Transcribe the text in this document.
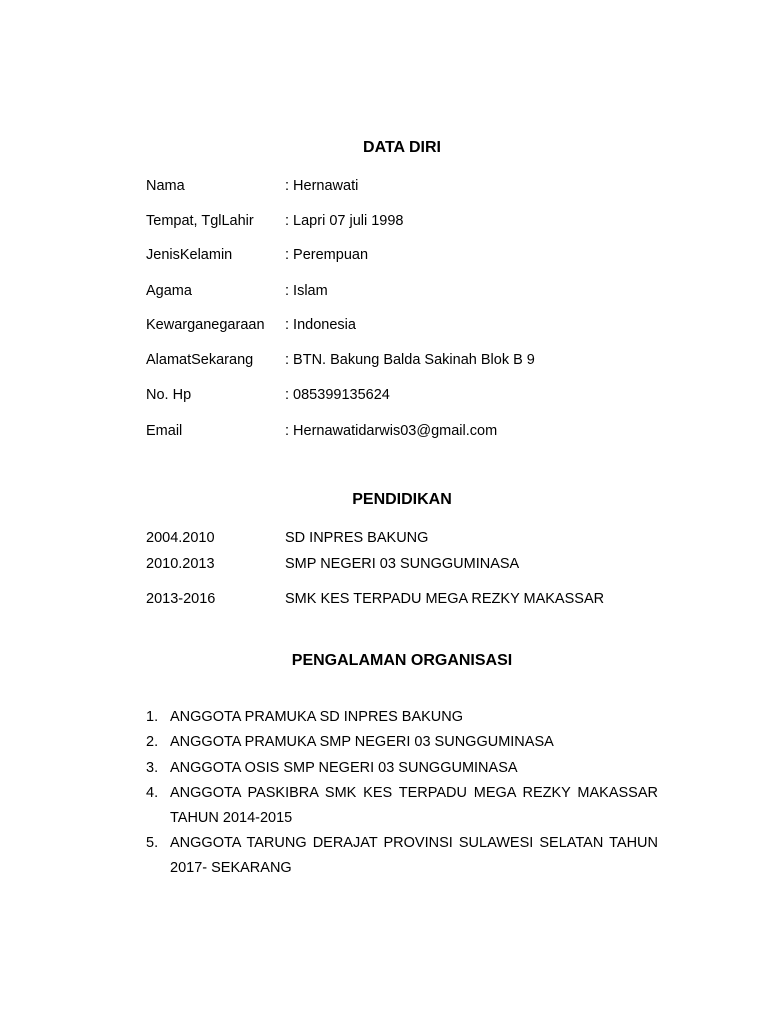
DATA DIRI
Nama	: Hernawati
Tempat, TglLahir : Lapri 07 juli 1998
JenisKelamin	: Perempuan
Agama	: Islam
Kewarganegaraan : Indonesia
AlamatSekarang : BTN. Bakung Balda Sakinah Blok B 9
No. Hp	: 085399135624
Email	: Hernawatidarwis03@gmail.com
PENDIDIKAN
2004.2010	SD INPRES BAKUNG
2010.2013	SMP NEGERI 03 SUNGGUMINASA
2013-2016	SMK KES TERPADU MEGA REZKY MAKASSAR
PENGALAMAN ORGANISASI
1. ANGGOTA PRAMUKA SD INPRES BAKUNG
2. ANGGOTA PRAMUKA SMP NEGERI 03 SUNGGUMINASA
3. ANGGOTA OSIS SMP NEGERI 03 SUNGGUMINASA
4. ANGGOTA PASKIBRA SMK KES TERPADU MEGA REZKY MAKASSAR TAHUN 2014-2015
5. ANGGOTA TARUNG DERAJAT PROVINSI SULAWESI SELATAN TAHUN 2017- SEKARANG
